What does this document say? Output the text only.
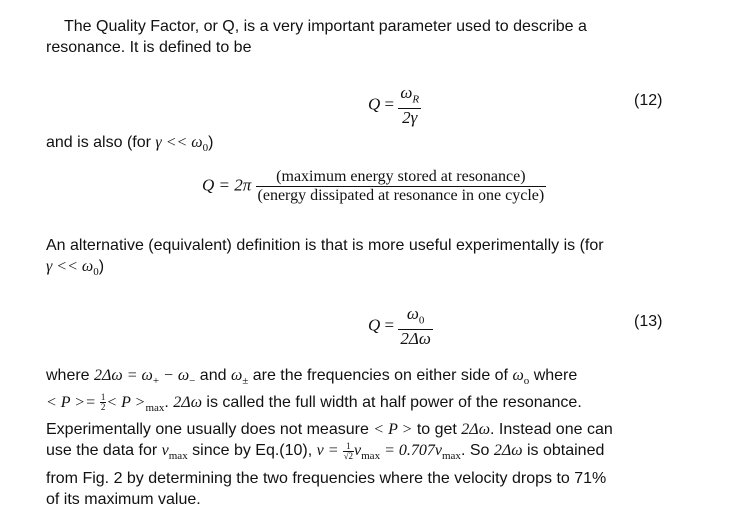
The Quality Factor, or Q, is a very important parameter used to describe a
resonance. It is defined to be
$Q = \frac{\omega_R}{2\gamma}$	(12)
and is also (for $\gamma << \omega_0$)
$Q = 2\pi \frac{\text{(maximum energy stored at resonance)}}{\text{(energy dissipated at resonance in one cycle)}}$
An alternative (equivalent) definition is that is more useful experimentally is (for
$\gamma << \omega_0$)
$Q = \frac{\omega_0}{2\Delta\omega}$	(13)
where $2\Delta\omega = \omega_+ - \omega_-$ and $\omega_\pm$ are the frequencies on either side of $\omega_o$ where
< $P >= \frac{1}{2} < P >_{max}$. 2Δω is called the full width at half power of the resonance.
Experimentally one usually does not measure < P > to get 2Δω. Instead one can
use the data for $v_{max}$ since by Eq.(10), $v = \frac{1}{√2} v_{max} = 0.707v_{max}$. So 2Δω is obtained
from Fig. 2 by determining the two frequencies where the velocity drops to 71%
of its maximum value.
